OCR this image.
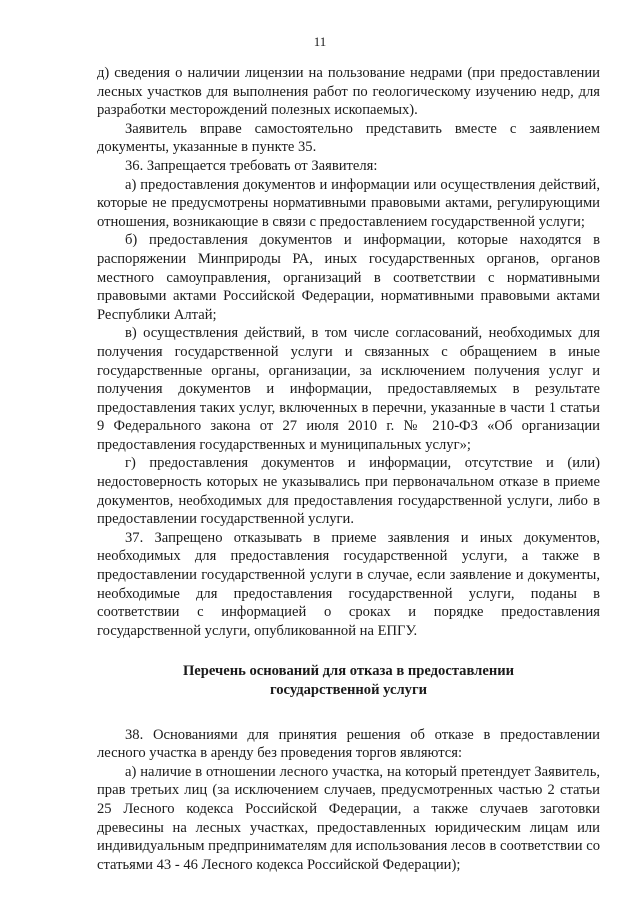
11

д) сведения о наличии лицензии на пользование недрами (при предоставлении лесных участков для выполнения работ по геологическому изучению недр, для разработки месторождений полезных ископаемых).

Заявитель вправе самостоятельно представить вместе с заявлением документы, указанные в пункте 35.

36. Запрещается требовать от Заявителя:

а) предоставления документов и информации или осуществления действий, которые не предусмотрены нормативными правовыми актами, регулирующими отношения, возникающие в связи с предоставлением государственной услуги;

б) предоставления документов и информации, которые находятся в распоряжении Минприроды РА, иных государственных органов, органов местного самоуправления, организаций в соответствии с нормативными правовыми актами Российской Федерации, нормативными правовыми актами Республики Алтай;

в) осуществления действий, в том числе согласований, необходимых для получения государственной услуги и связанных с обращением в иные государственные органы, организации, за исключением получения услуг и получения документов и информации, предоставляемых в результате предоставления таких услуг, включенных в перечни, указанные в части 1 статьи 9 Федерального закона от 27 июля 2010 г. № 210-ФЗ «Об организации предоставления государственных и муниципальных услуг»;

г) предоставления документов и информации, отсутствие и (или) недостоверность которых не указывались при первоначальном отказе в приеме документов, необходимых для предоставления государственной услуги, либо в предоставлении государственной услуги.

37. Запрещено отказывать в приеме заявления и иных документов, необходимых для предоставления государственной услуги, а также в предоставлении государственной услуги в случае, если заявление и документы, необходимые для предоставления государственной услуги, поданы в соответствии с информацией о сроках и порядке предоставления государственной услуги, опубликованной на ЕПГУ.

Перечень оснований для отказа в предоставлении
государственной услуги

38. Основаниями для принятия решения об отказе в предоставлении лесного участка в аренду без проведения торгов являются:

а) наличие в отношении лесного участка, на который претендует Заявитель, прав третьих лиц (за исключением случаев, предусмотренных частью 2 статьи 25 Лесного кодекса Российской Федерации, а также случаев заготовки древесины на лесных участках, предоставленных юридическим лицам или индивидуальным предпринимателям для использования лесов в соответствии со статьями 43 - 46 Лесного кодекса Российской Федерации);
